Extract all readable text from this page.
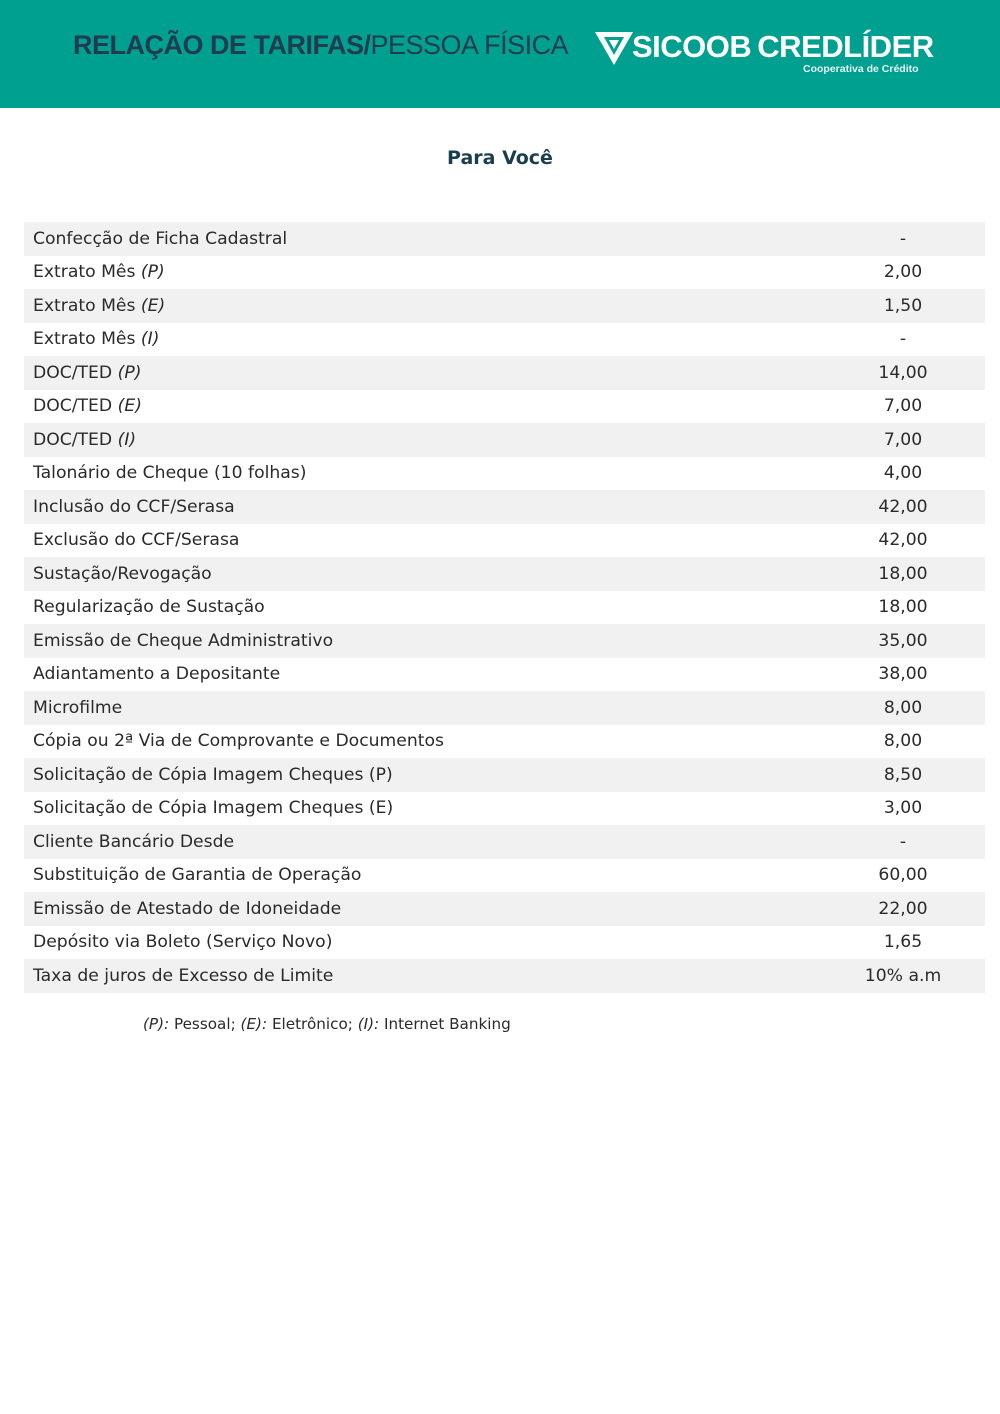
RELAÇÃO DE TARIFAS/PESSOA FÍSICA SICOOB CREDLÍDER
Cooperativa de Crédito
Para Você
Confecção de Ficha Cadastral	-
Extrato Mês (P)	2,00
Extrato Mês (E)	1,50
Extrato Mês (I)	-
DOC/TED (P)	14,00
DOC/TED (E)	7,00
DOC/TED (I)	7,00
Talonário de Cheque (10 folhas)	4,00
Inclusão do CCF/Serasa	42,00
Exclusão do CCF/Serasa	42,00
Sustação/Revogação	18,00
Regularização de Sustação	18,00
Emissão de Cheque Administrativo	35,00
Adiantamento a Depositante	38,00
Microfilme	8,00
Cópia ou 2ª Via de Comprovante e Documentos	8,00
Solicitação de Cópia Imagem Cheques (P)	8,50
Solicitação de Cópia Imagem Cheques (E)	3,00
Cliente Bancário Desde	-
Substituição de Garantia de Operação	60,00
Emissão de Atestado de Idoneidade	22,00
Depósito via Boleto (Serviço Novo)	1,65
Taxa de juros de Excesso de Limite	10% a.m
(P): Pessoal; (E): Eletrônico; (I): Internet Banking
